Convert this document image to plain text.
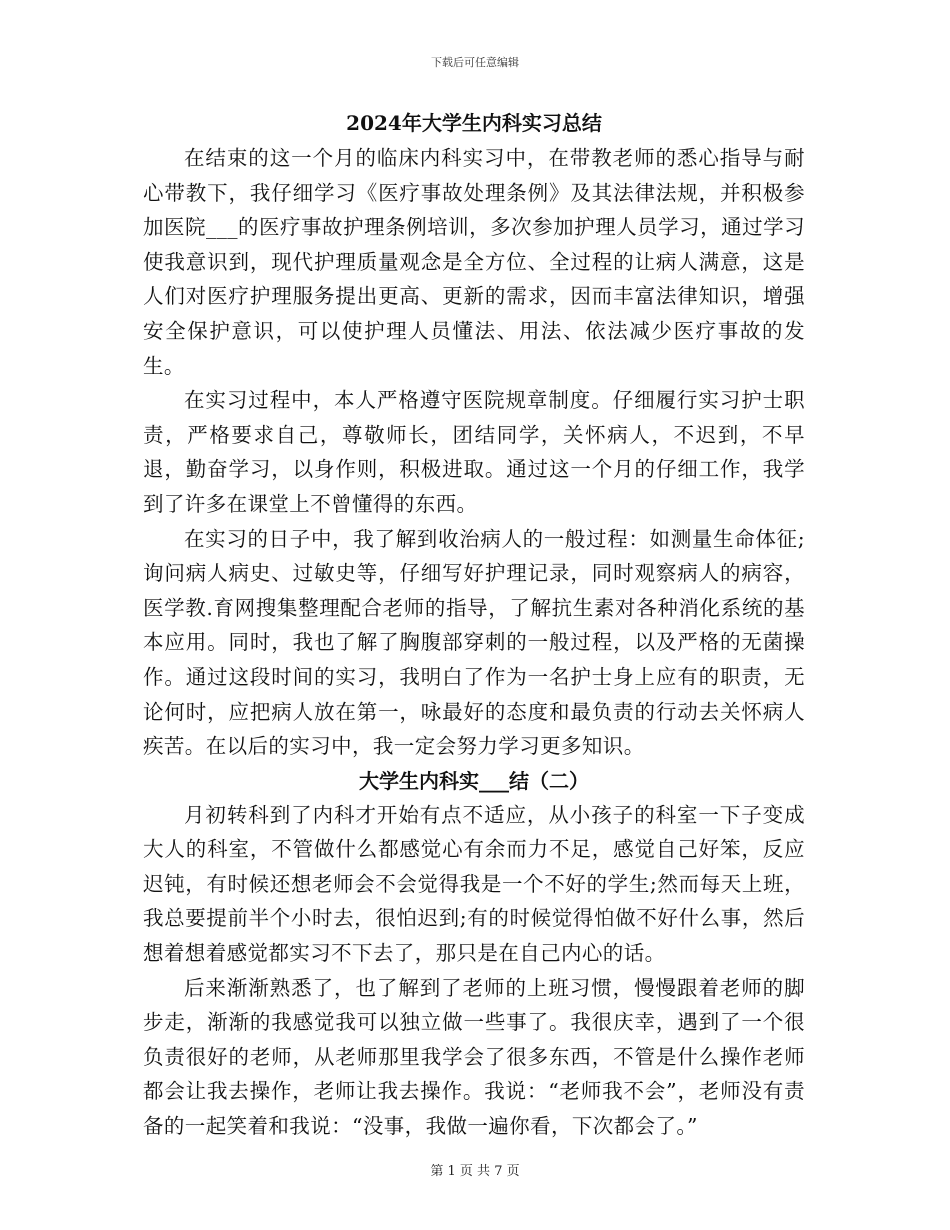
下载后可任意编辑
2024年大学生内科实习总结

在结束的这一个月的临床内科实习中，在带教老师的悉心指导与耐心带教下，我仔细学习《医疗事故处理条例》及其法律法规，并积极参加医院___的医疗事故护理条例培训，多次参加护理人员学习，通过学习使我意识到，现代护理质量观念是全方位、全过程的让病人满意，这是人们对医疗护理服务提出更高、更新的需求，因而丰富法律知识，增强安全保护意识，可以使护理人员懂法、用法、依法减少医疗事故的发生。

在实习过程中，本人严格遵守医院规章制度。仔细履行实习护士职责，严格要求自己，尊敬师长，团结同学，关怀病人，不迟到，不早退，勤奋学习，以身作则，积极进取。通过这一个月的仔细工作，我学到了许多在课堂上不曾懂得的东西。

在实习的日子中，我了解到收治病人的一般过程：如测量生命体征;询问病人病史、过敏史等，仔细写好护理记录，同时观察病人的病容，医学教.育网搜集整理配合老师的指导，了解抗生素对各种消化系统的基本应用。同时，我也了解了胸腹部穿刺的一般过程，以及严格的无菌操作。通过这段时间的实习，我明白了作为一名护士身上应有的职责，无论何时，应把病人放在第一，咏最好的态度和最负责的行动去关怀病人疾苦。在以后的实习中，我一定会努力学习更多知识。

大学生内科实___结（二）

月初转科到了内科才开始有点不适应，从小孩子的科室一下子变成大人的科室，不管做什么都感觉心有余而力不足，感觉自己好笨，反应迟钝，有时候还想老师会不会觉得我是一个不好的学生;然而每天上班，我总要提前半个小时去，很怕迟到;有的时候觉得怕做不好什么事，然后想着想着感觉都实习不下去了，那只是在自己内心的话。

后来渐渐熟悉了，也了解到了老师的上班习惯，慢慢跟着老师的脚步走，渐渐的我感觉我可以独立做一些事了。我很庆幸，遇到了一个很负责很好的老师，从老师那里我学会了很多东西，不管是什么操作老师都会让我去操作，老师让我去操作。我说：“老师我不会”，老师没有责备的一起笑着和我说：“没事，我做一遍你看，下次都会了。”

第 1 页 共 7 页
